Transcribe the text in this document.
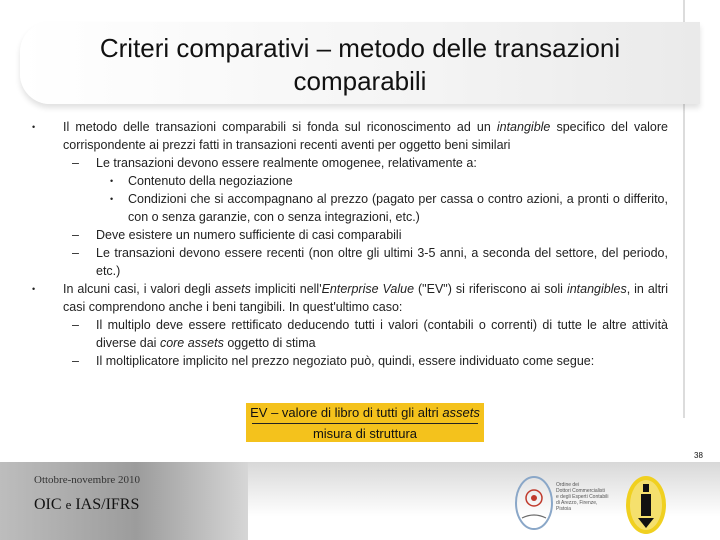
Criteri comparativi – metodo delle transazioni
comparabili
• Il metodo delle transazioni comparabili si fonda sul riconoscimento ad un intangible specifico del valore corrispondente ai prezzi fatti in transazioni recenti aventi per oggetto beni similari
– Le transazioni devono essere realmente omogenee, relativamente a:
• Contenuto della negoziazione
• Condizioni che si accompagnano al prezzo (pagato per cassa o contro azioni, a pronti o differito, con o senza garanzie, con o senza integrazioni, etc.)
– Deve esistere un numero sufficiente di casi comparabili
– Le transazioni devono essere recenti (non oltre gli ultimi 3-5 anni, a seconda del settore, del periodo, etc.)
• In alcuni casi, i valori degli assets impliciti nell'Enterprise Value ("EV") si riferiscono ai soli intangibles, in altri casi comprendono anche i beni tangibili. In quest'ultimo caso:
– Il multiplo deve essere rettificato deducendo tutti i valori (contabili o correnti) di tutte le altre attività diverse dai core assets oggetto di stima
– Il moltiplicatore implicito nel prezzo negoziato può, quindi, essere individuato come segue:
EV – valore di libro di tutti gli altri assets
misura di struttura
38
Ottobre-novembre 2010
OIC e IAS/IFRS
Ordine dei
Dottori Commercialisti
e degli Esperti Contabili
di Arezzo, Firenze, Pistoia
